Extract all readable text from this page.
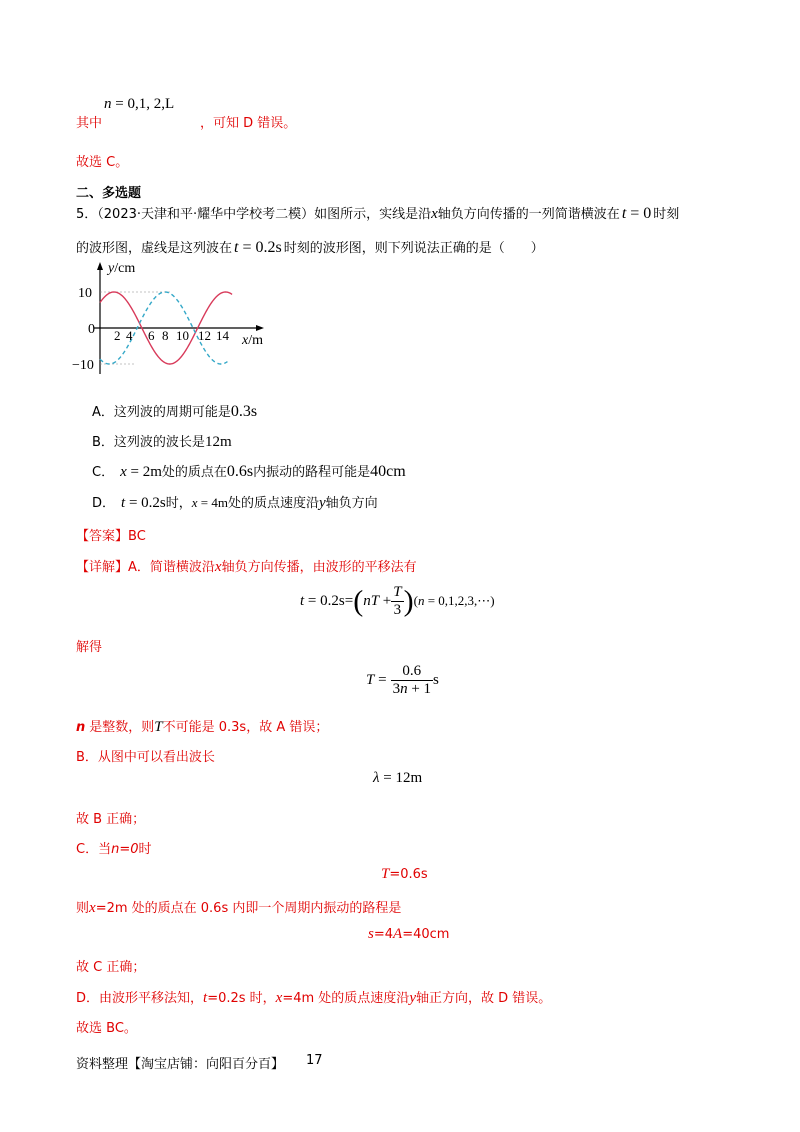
n = 0,1, 2,L
其中	，可知 D 错误。
故选 C。
二、多选题
5．（2023·天津和平·耀华中学校考二模）如图所示，实线是沿x轴负方向传播的一列简谐横波在 t = 0 时刻
的波形图，虚线是这列波在 t = 0.2s 时刻的波形图，则下列说法正确的是（　　）
y/cm
10
0
−10
2 4 6 8 10 12 14 x/m
A．这列波的周期可能是0.3s
B．这列波的波长是12m
C． x = 2m处的质点在0.6s内振动的路程可能是40cm
D． t = 0.2s时，x = 4m处的质点速度沿y轴负方向
【答案】BC
【详解】A．简谐横波沿x轴负方向传播，由波形的平移法有
$t = 0.2s=(nT + \frac{T}{3} )(n$ = 0,1,2,3,⋯)
解得
$T = \frac{0.6}{3n + 1}$ s
n 是整数，则T不可能是 0.3s，故 A 错误；
B．从图中可以看出波长
λ = 12m
故 B 正确；
C．当n=0时
T=0.6s
则x=2m 处的质点在 0.6s 内即一个周期内振动的路程是
s=4A=40cm
故 C 正确；
D．由波形平移法知，t=0.2s 时，x=4m 处的质点速度沿y轴正方向，故 D 错误。
故选 BC。
资料整理【淘宝店铺：向阳百分百】 17
